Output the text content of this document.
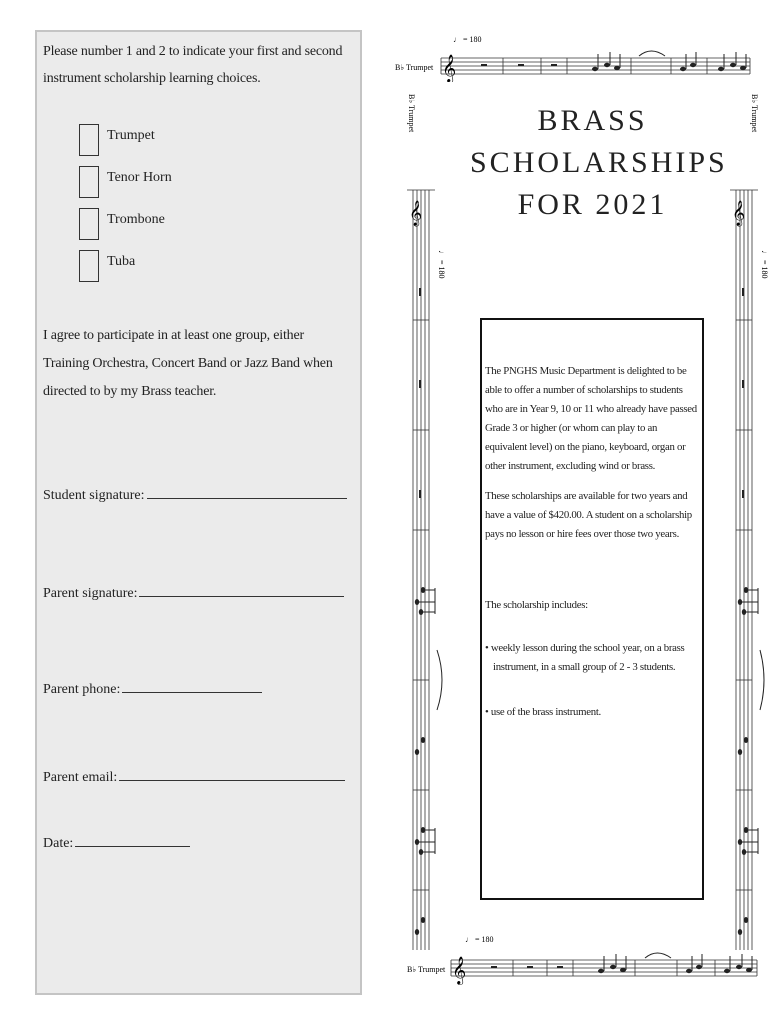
Please number 1 and 2 to indicate your first and second instrument scholarship learning choices.
Trumpet
Tenor Horn
Trombone
Tuba
I agree to participate in at least one group, either Training Orchestra, Concert Band or Jazz Band when directed to by my Brass teacher.
Student signature:
Parent signature:
Parent phone:
Parent email:
Date:
♩ = 180
B♭ Trumpet 𝄞
B♭ Trumpet
𝄞
♩ = 180
B♭ Trumpet
𝄞
♩ = 180
BRASS
SCHOLARSHIPS
FOR 2021

The PNGHS Music Department is delighted to be able to offer a number of scholarships to students who are in Year 9, 10 or 11 who already have passed Grade 3 or higher (or whom can play to an equivalent level) on the piano, keyboard, organ or other instrument, excluding wind or brass.

These scholarships are available for two years and have a value of $420.00. A student on a scholarship pays no lesson or hire fees over those two years.

The scholarship includes:

• weekly lesson during the school year, on a brass instrument, in a small group of 2 - 3 students.
• use of the brass instrument.
♩ = 180
B♭ Trumpet 𝄞
